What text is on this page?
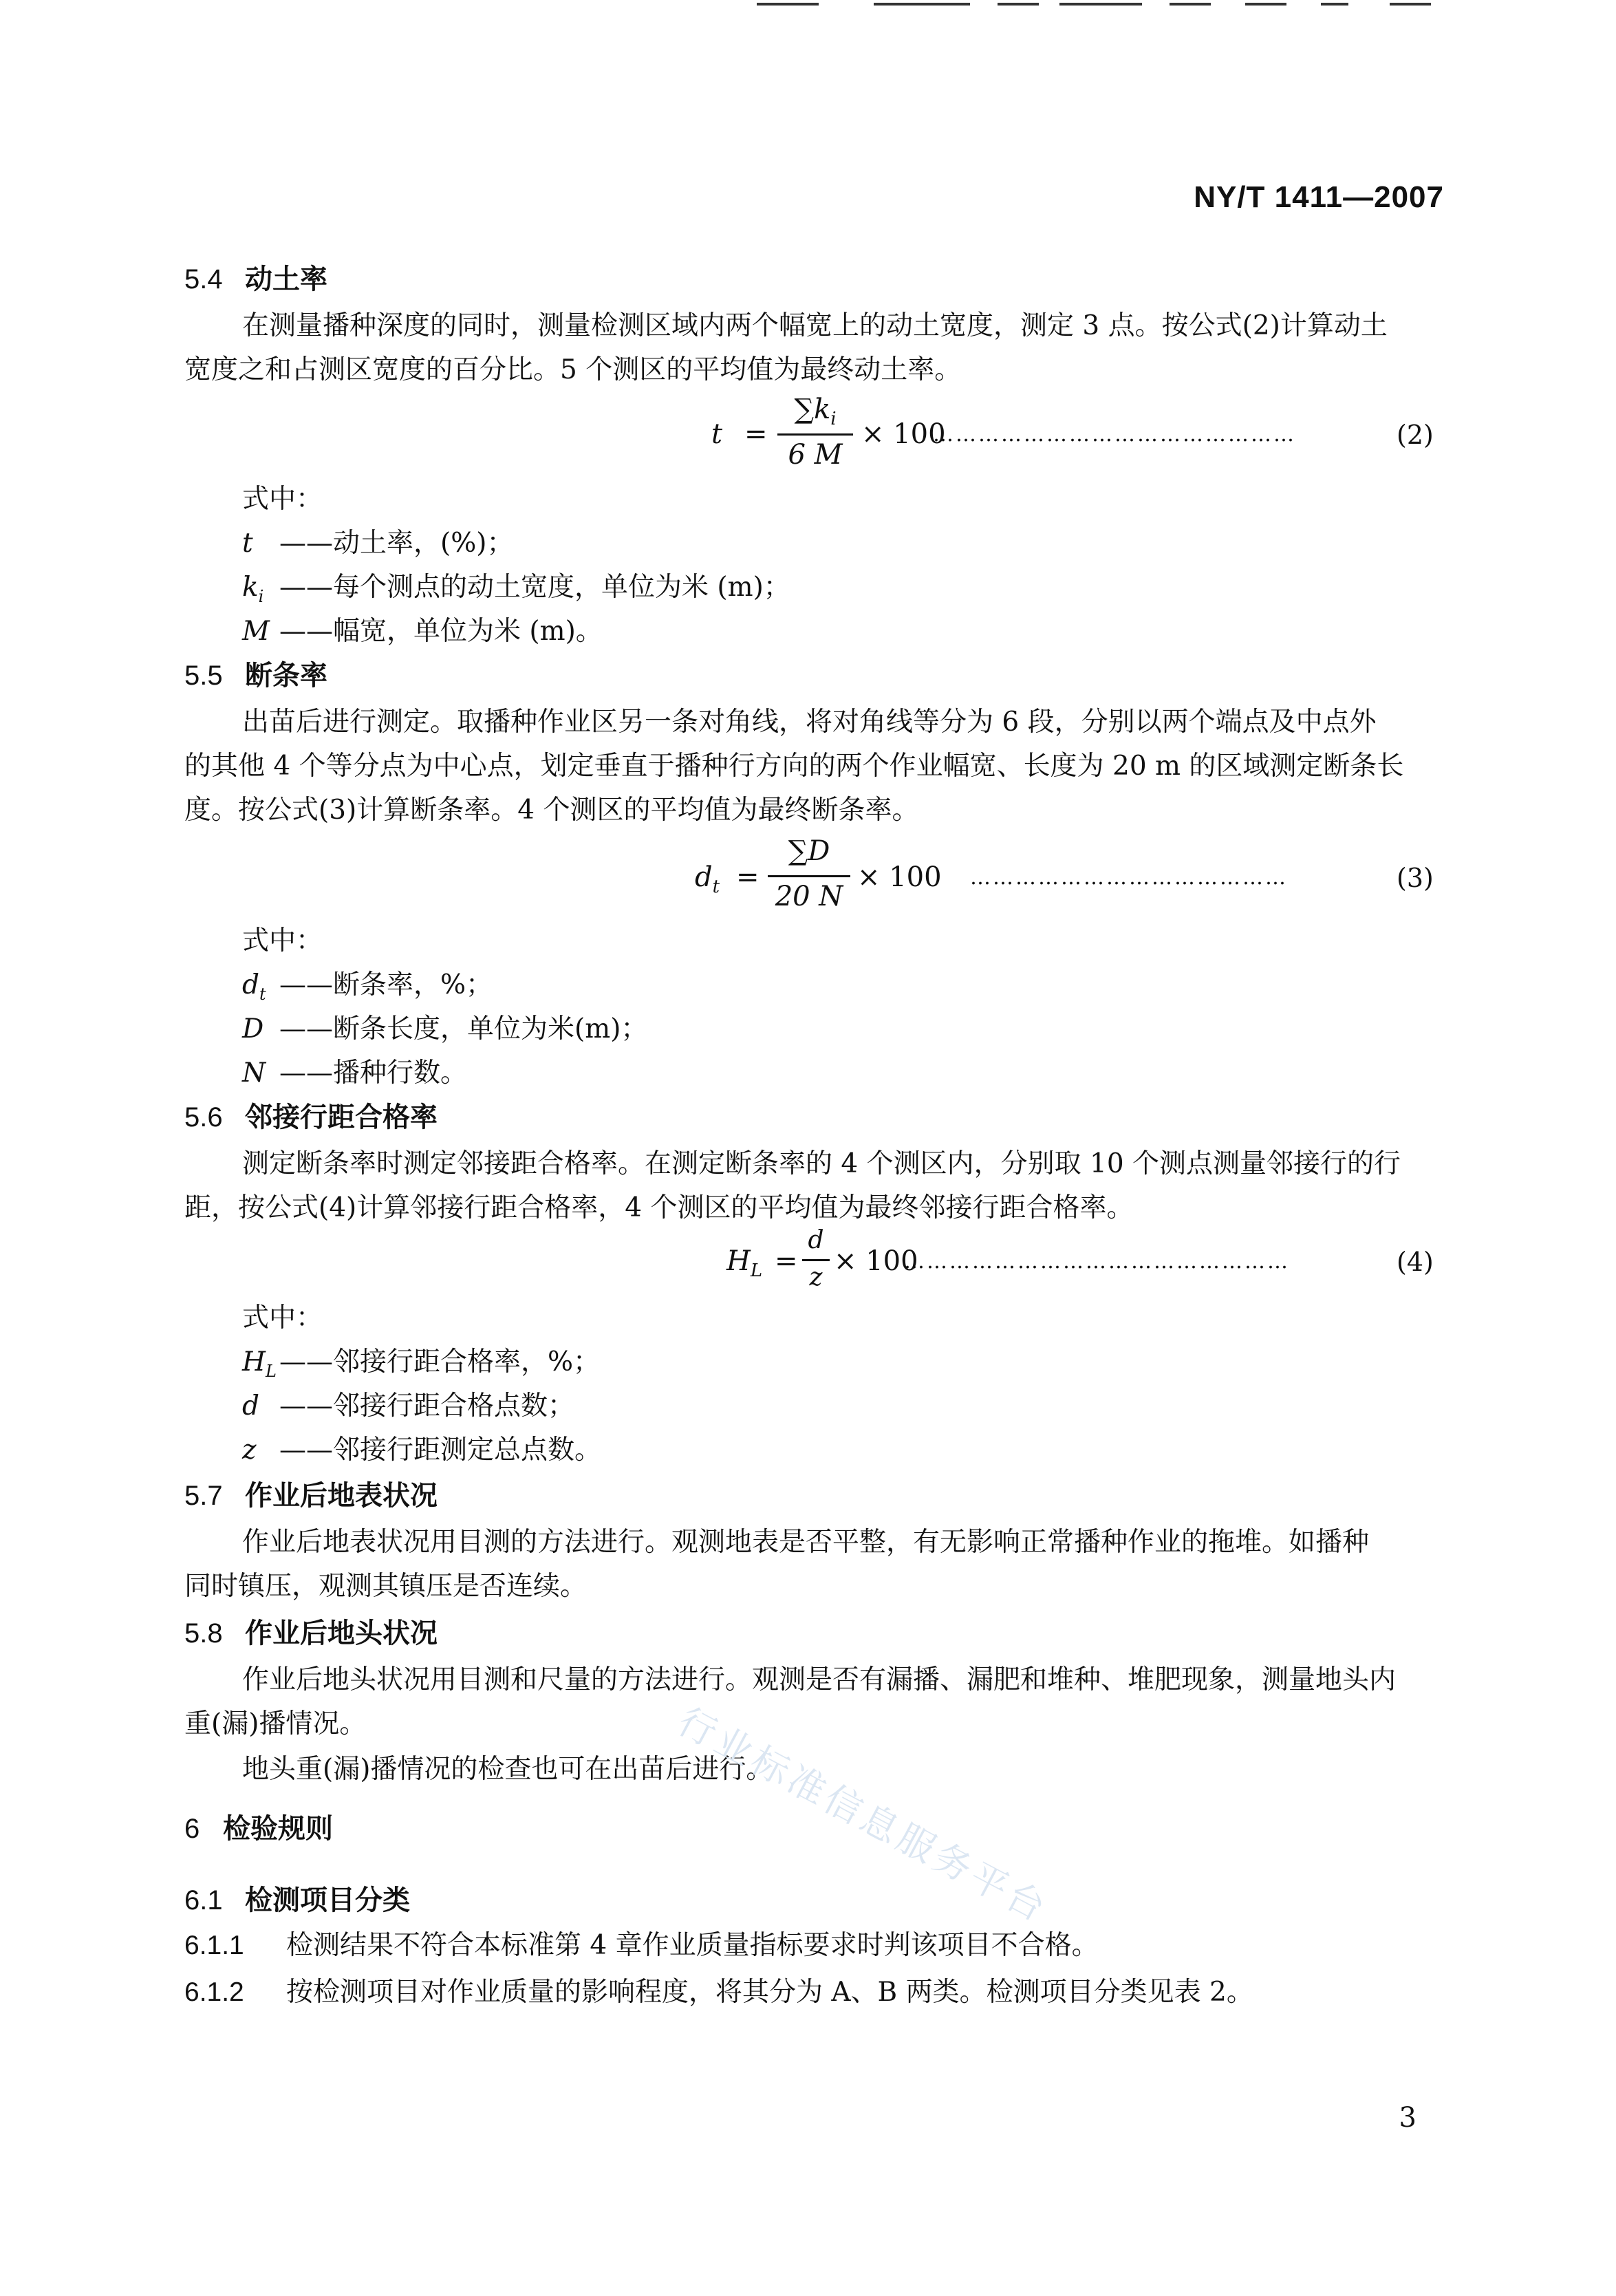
NY/T 1411—2007
5.4 动土率
在测量播种深度的同时，测量检测区域内两个幅宽上的动土宽度，测定 3 点。按公式(2)计算动土
宽度之和占测区宽度的百分比。5 个测区的平均值为最终动土率。
t =
$\sum k_i$
6 M
× 100
…………………………………………	(2)
式中：
t ——动土率，(%)；
$k_i$ ——每个测点的动土宽度，单位为米 (m)；
M ——幅宽，单位为米 (m)。
5.5 断条率
出苗后进行测定。取播种作业区另一条对角线，将对角线等分为 6 段，分别以两个端点及中点外
的其他 4 个等分点为中心点，划定垂直于播种行方向的两个作业幅宽、长度为 20 m 的区域测定断条长
度。按公式(3)计算断条率。4 个测区的平均值为最终断条率。
$d_t$ =
∑D
20 N
× 100 ……………………………………	(3)
式中：
$d_t$ ——断条率，%；
D ——断条长度，单位为米(m)；
N ——播种行数。
5.6 邻接行距合格率
测定断条率时测定邻接距合格率。在测定断条率的 4 个测区内，分别取 10 个测点测量邻接行的行
距，按公式(4)计算邻接行距合格率，4 个测区的平均值为最终邻接行距合格率。
$H_L$ =
d
z
× 100
……………………………………………	(4)
式中：
$H_L$ ——邻接行距合格率，%；
d ——邻接行距合格点数；
z ——邻接行距测定总点数。
5.7 作业后地表状况
作业后地表状况用目测的方法进行。观测地表是否平整，有无影响正常播种作业的拖堆。如播种
同时镇压，观测其镇压是否连续。
5.8 作业后地头状况
作业后地头状况用目测和尺量的方法进行。观测是否有漏播、漏肥和堆种、堆肥现象，测量地头内
重(漏)播情况。
地头重(漏)播情况的检查也可在出苗后进行。
6 检验规则
6.1 检测项目分类
6.1.1 检测结果不符合本标准第 4 章作业质量指标要求时判该项目不合格。
6.1.2 按检测项目对作业质量的影响程度，将其分为 A、B 两类。检测项目分类见表 2。
行业标准信息服务平台
3
